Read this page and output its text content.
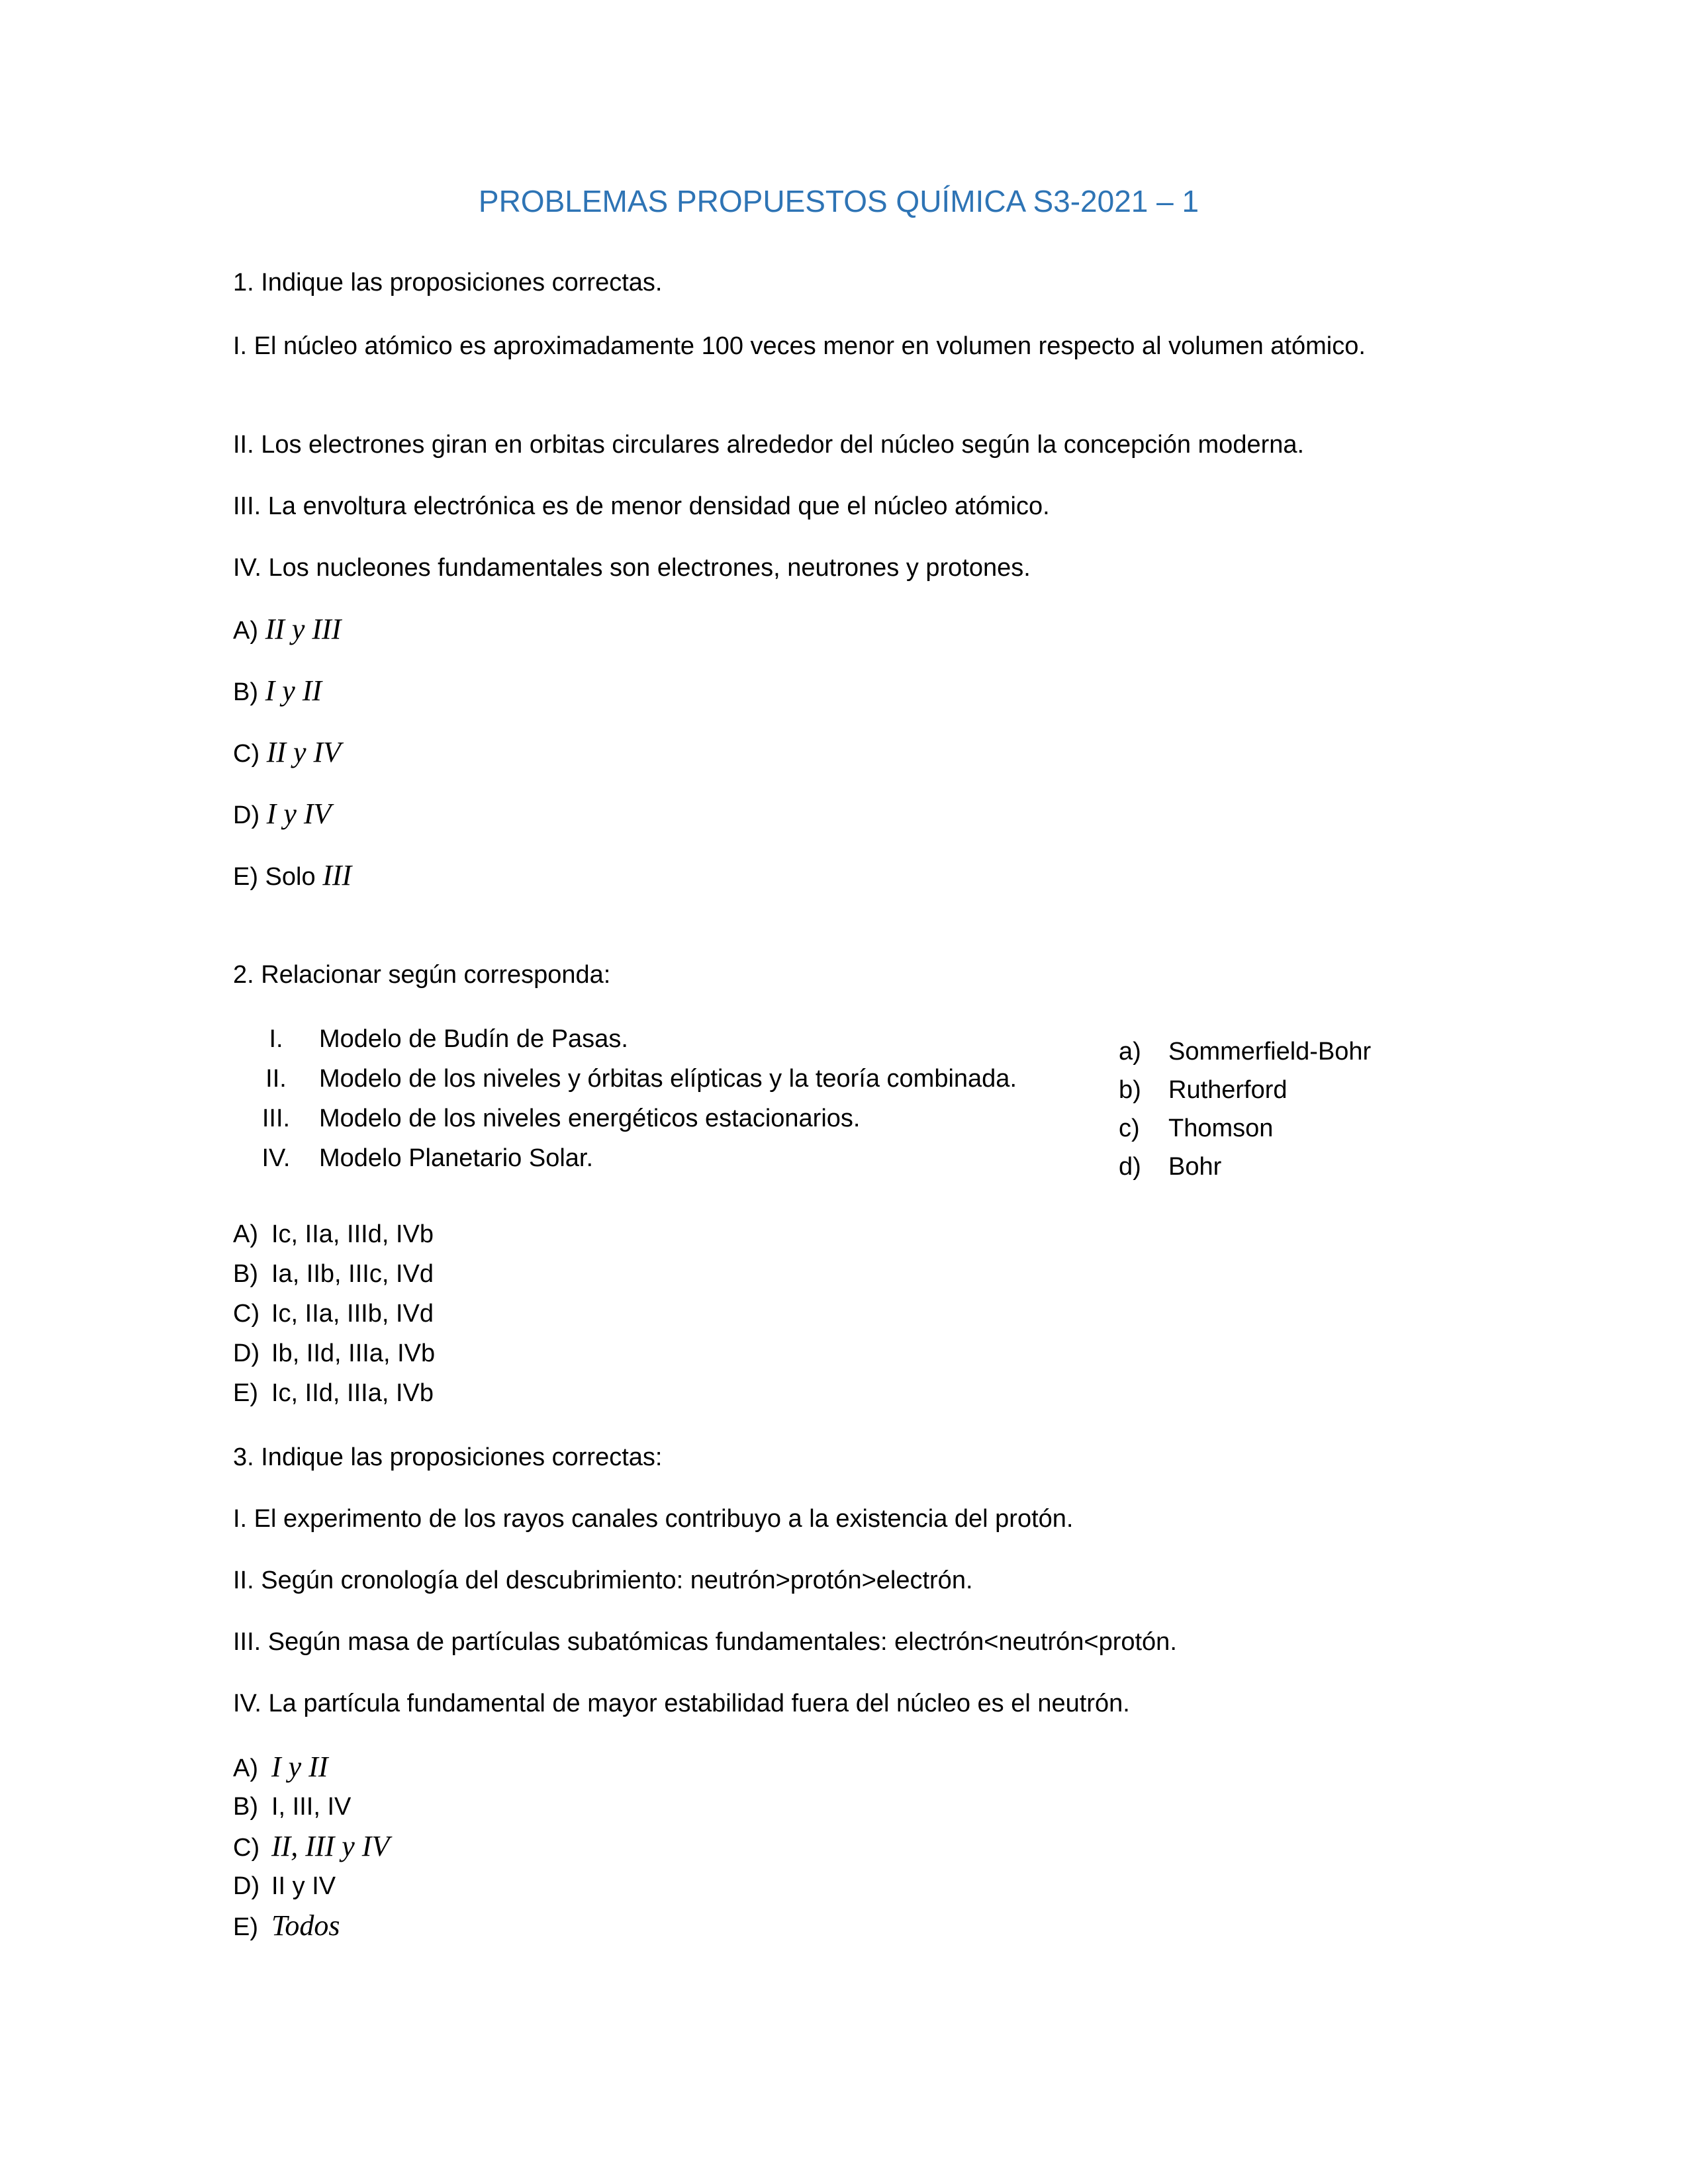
PROBLEMAS PROPUESTOS QUÍMICA S3-2021 – 1

1. Indique las proposiciones correctas.

I. El núcleo atómico es aproximadamente 100 veces menor en volumen respecto al volumen atómico.

II. Los electrones giran en orbitas circulares alrededor del núcleo según la concepción moderna.

III. La envoltura electrónica es de menor densidad que el núcleo atómico.

IV. Los nucleones fundamentales son electrones, neutrones y protones.

A) II y III

B) I y II

C) II y IV

D) I y IV

E) Solo III

2. Relacionar según corresponda:

I. Modelo de Budín de Pasas.
II. Modelo de los niveles y órbitas elípticas y la teoría combinada.
III. Modelo de los niveles energéticos estacionarios.
IV. Modelo Planetario Solar.
a) Sommerfield-Bohr
b) Rutherford
c) Thomson
d) Bohr
A) Ic, IIa, IIId, IVb
B) Ia, IIb, IIIc, IVd
C) Ic, IIa, IIIb, IVd
D) Ib, IId, IIIa, IVb
E) Ic, IId, IIIa, IVb

3. Indique las proposiciones correctas:

I. El experimento de los rayos canales contribuyo a la existencia del protón.

II. Según cronología del descubrimiento: neutrón>protón>electrón.

III. Según masa de partículas subatómicas fundamentales: electrón<neutrón<protón.

IV. La partícula fundamental de mayor estabilidad fuera del núcleo es el neutrón.

A) I y II
B) I, III, IV
C) II, III y IV
D) II y IV
E) Todos
